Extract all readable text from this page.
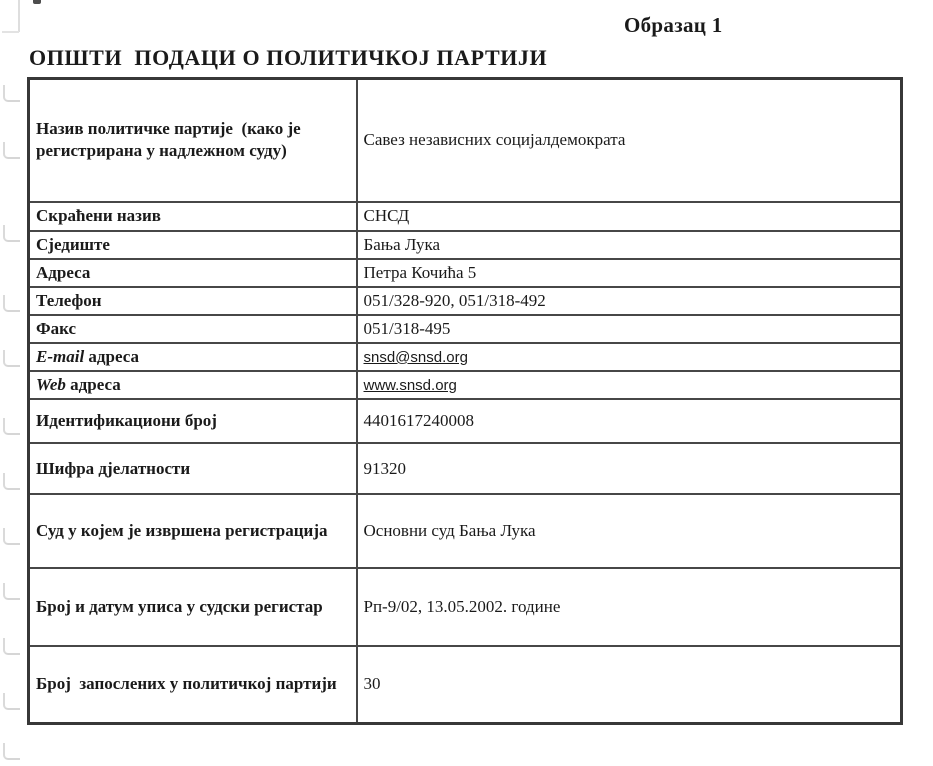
Образац 1
ОПШТИ  ПОДАЦИ О ПОЛИТИЧКОЈ ПАРТИЈИ
Назив политичке партије  (како је регистрирана у надлежном суду)	Савез независних социјалдемократа
Скраћени назив	СНСД
Сједиште	Бања Лука
Адреса	Петра Кочића 5
Телефон	051/328-920, 051/318-492
Факс	051/318-495
E-mail адреса	snsd@snsd.org
Web адреса	www.snsd.org
Идентификациони број	4401617240008
Шифра дјелатности	91320
Суд у којем је извршена регистрација	Основни суд Бања Лука
Број и датум уписа у судски регистар	Рп-9/02, 13.05.2002. године
Број  запослених у политичкој партији	30
